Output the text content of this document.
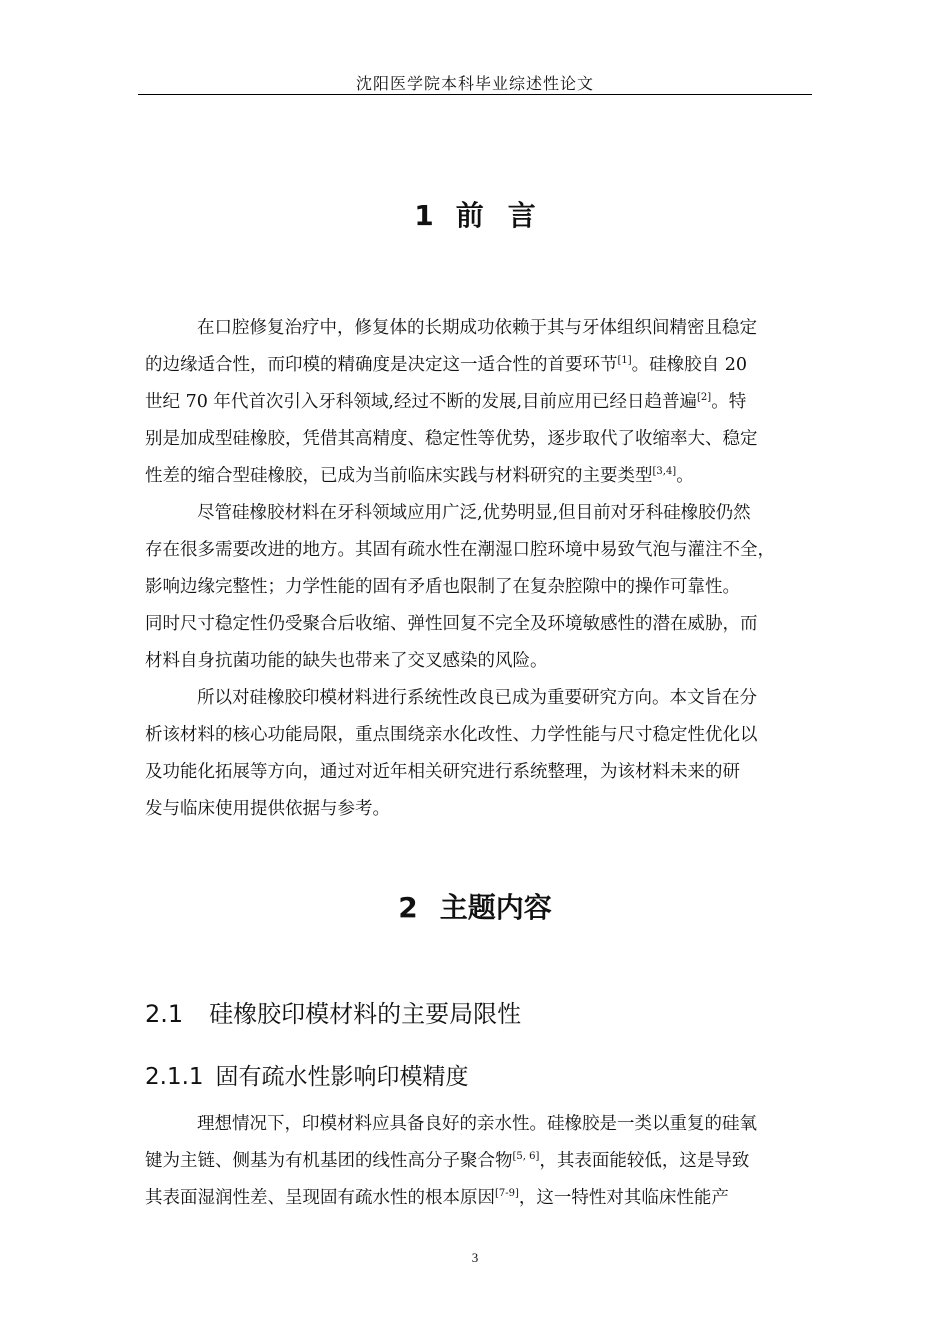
沈阳医学院本科毕业综述性论文
1 前言
在口腔修复治疗中，修复体的长期成功依赖于其与牙体组织间精密且稳定
的边缘适合性，而印模的精确度是决定这一适合性的首要环节[1]。硅橡胶自 20
世纪 70 年代首次引入牙科领域,经过不断的发展,目前应用已经日趋普遍[2]。特
别是加成型硅橡胶，凭借其高精度、稳定性等优势，逐步取代了收缩率大、稳定
性差的缩合型硅橡胶，已成为当前临床实践与材料研究的主要类型[3,4]。
尽管硅橡胶材料在牙科领域应用广泛,优势明显,但目前对牙科硅橡胶仍然
存在很多需要改进的地方。其固有疏水性在潮湿口腔环境中易致气泡与灌注不全，
影响边缘完整性；力学性能的固有矛盾也限制了在复杂腔隙中的操作可靠性。
同时尺寸稳定性仍受聚合后收缩、弹性回复不完全及环境敏感性的潜在威胁，而
材料自身抗菌功能的缺失也带来了交叉感染的风险。
所以对硅橡胶印模材料进行系统性改良已成为重要研究方向。本文旨在分
析该材料的核心功能局限，重点围绕亲水化改性、力学性能与尺寸稳定性优化以
及功能化拓展等方向，通过对近年相关研究进行系统整理，为该材料未来的研
发与临床使用提供依据与参考。
2 主题内容
2.1 硅橡胶印模材料的主要局限性
2.1.1 固有疏水性影响印模精度
理想情况下，印模材料应具备良好的亲水性。硅橡胶是一类以重复的硅氧
键为主链、侧基为有机基团的线性高分子聚合物[5, 6]，其表面能较低，这是导致
其表面湿润性差、呈现固有疏水性的根本原因[7‑9]，这一特性对其临床性能产
3
